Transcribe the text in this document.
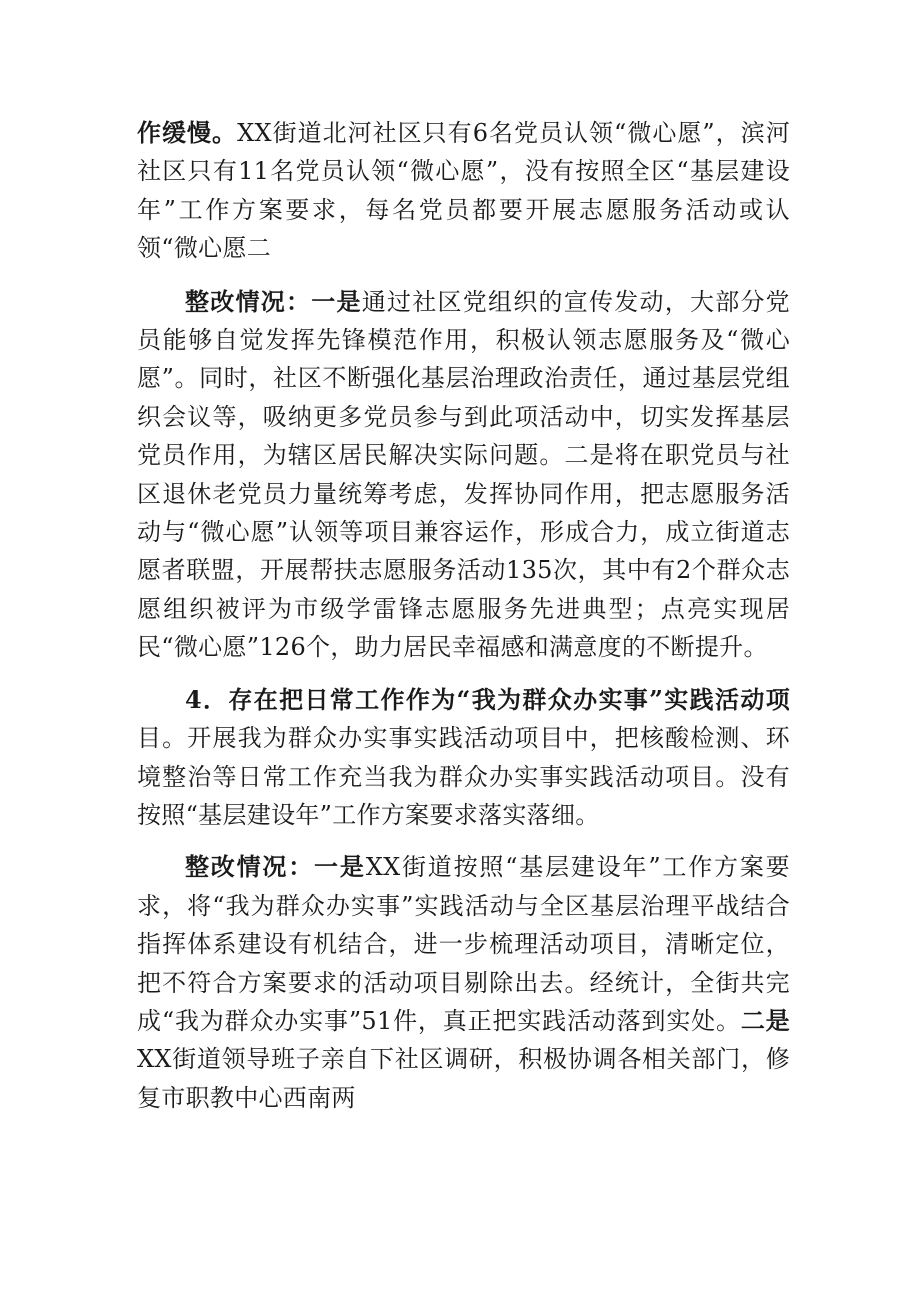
作缓慢。XX街道北河社区只有6名党员认领“微心愿”，滨河社区只有11名党员认领“微心愿”，没有按照全区“基层建设年”工作方案要求，每名党员都要开展志愿服务活动或认领“微心愿二

整改情况：一是通过社区党组织的宣传发动，大部分党员能够自觉发挥先锋模范作用，积极认领志愿服务及“微心愿”。同时，社区不断强化基层治理政治责任，通过基层党组织会议等，吸纳更多党员参与到此项活动中，切实发挥基层党员作用，为辖区居民解决实际问题。二是将在职党员与社区退休老党员力量统筹考虑，发挥协同作用，把志愿服务活动与“微心愿”认领等项目兼容运作，形成合力，成立街道志愿者联盟，开展帮扶志愿服务活动135次，其中有2个群众志愿组织被评为市级学雷锋志愿服务先进典型；点亮实现居民“微心愿”126个，助力居民幸福感和满意度的不断提升。

4．存在把日常工作作为“我为群众办实事”实践活动项目。开展我为群众办实事实践活动项目中，把核酸检测、环境整治等日常工作充当我为群众办实事实践活动项目。没有按照“基层建设年”工作方案要求落实落细。

整改情况：一是XX街道按照“基层建设年”工作方案要求，将“我为群众办实事”实践活动与全区基层治理平战结合指挥体系建设有机结合，进一步梳理活动项目，清晰定位，把不符合方案要求的活动项目剔除出去。经统计，全街共完成“我为群众办实事”51件，真正把实践活动落到实处。二是XX街道领导班子亲自下社区调研，积极协调各相关部门，修复市职教中心西南两
